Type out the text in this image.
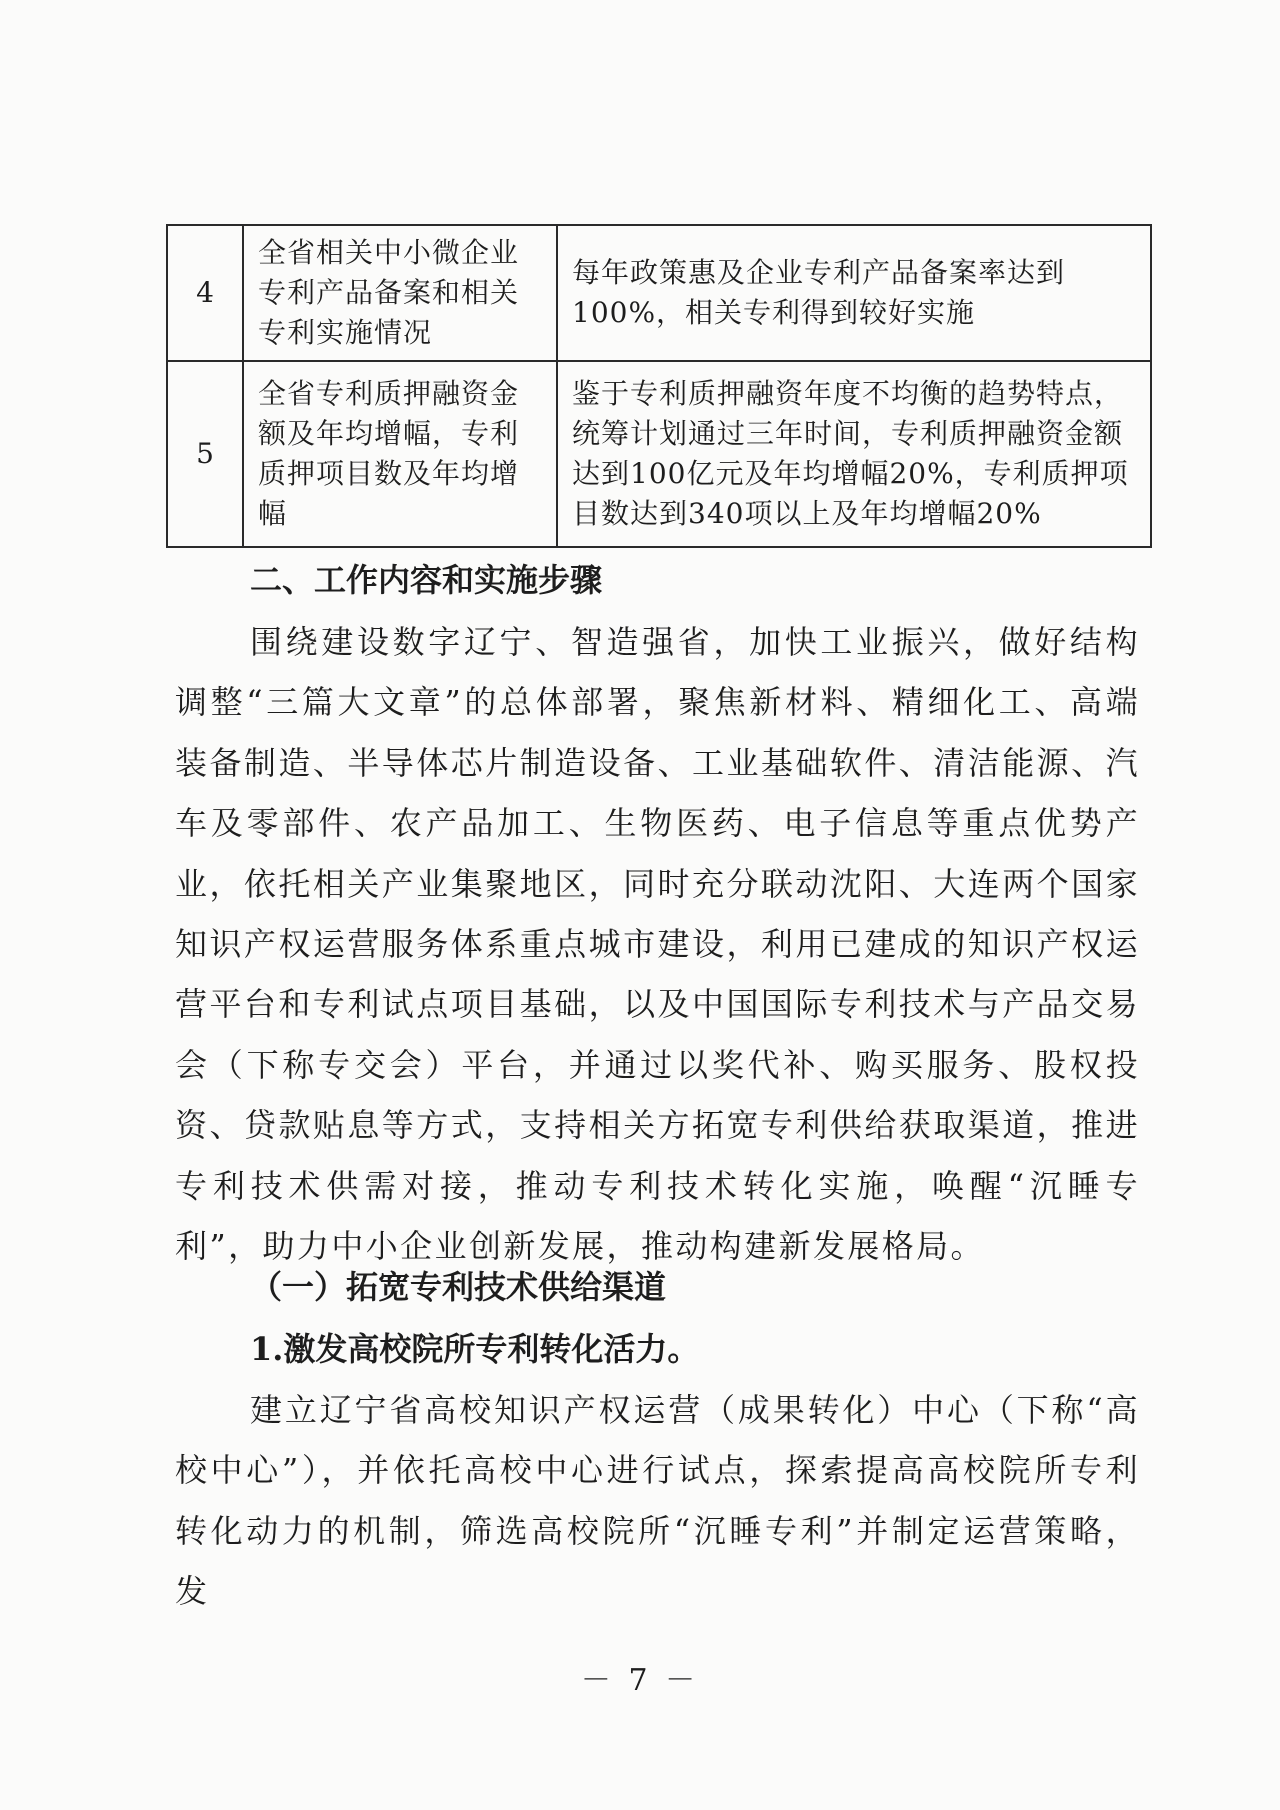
4	全省相关中小微企业专利产品备案和相关专利实施情况	每年政策惠及企业专利产品备案率达到100%，相关专利得到较好实施
5	全省专利质押融资金额及年均增幅，专利质押项目数及年均增幅	鉴于专利质押融资年度不均衡的趋势特点，统筹计划通过三年时间，专利质押融资金额达到100亿元及年均增幅20%，专利质押项目数达到340项以上及年均增幅20%
二、工作内容和实施步骤
围绕建设数字辽宁、智造强省，加快工业振兴，做好结构调整“三篇大文章”的总体部署，聚焦新材料、精细化工、高端装备制造、半导体芯片制造设备、工业基础软件、清洁能源、汽车及零部件、农产品加工、生物医药、电子信息等重点优势产业，依托相关产业集聚地区，同时充分联动沈阳、大连两个国家知识产权运营服务体系重点城市建设，利用已建成的知识产权运营平台和专利试点项目基础，以及中国国际专利技术与产品交易会（下称专交会）平台，并通过以奖代补、购买服务、股权投资、贷款贴息等方式，支持相关方拓宽专利供给获取渠道，推进专利技术供需对接，推动专利技术转化实施，唤醒“沉睡专利”，助力中小企业创新发展，推动构建新发展格局。
（一）拓宽专利技术供给渠道
1.激发高校院所专利转化活力。
建立辽宁省高校知识产权运营（成果转化）中心（下称“高校中心”），并依托高校中心进行试点，探索提高高校院所专利转化动力的机制，筛选高校院所“沉睡专利”并制定运营策略，发
－ 7 －
